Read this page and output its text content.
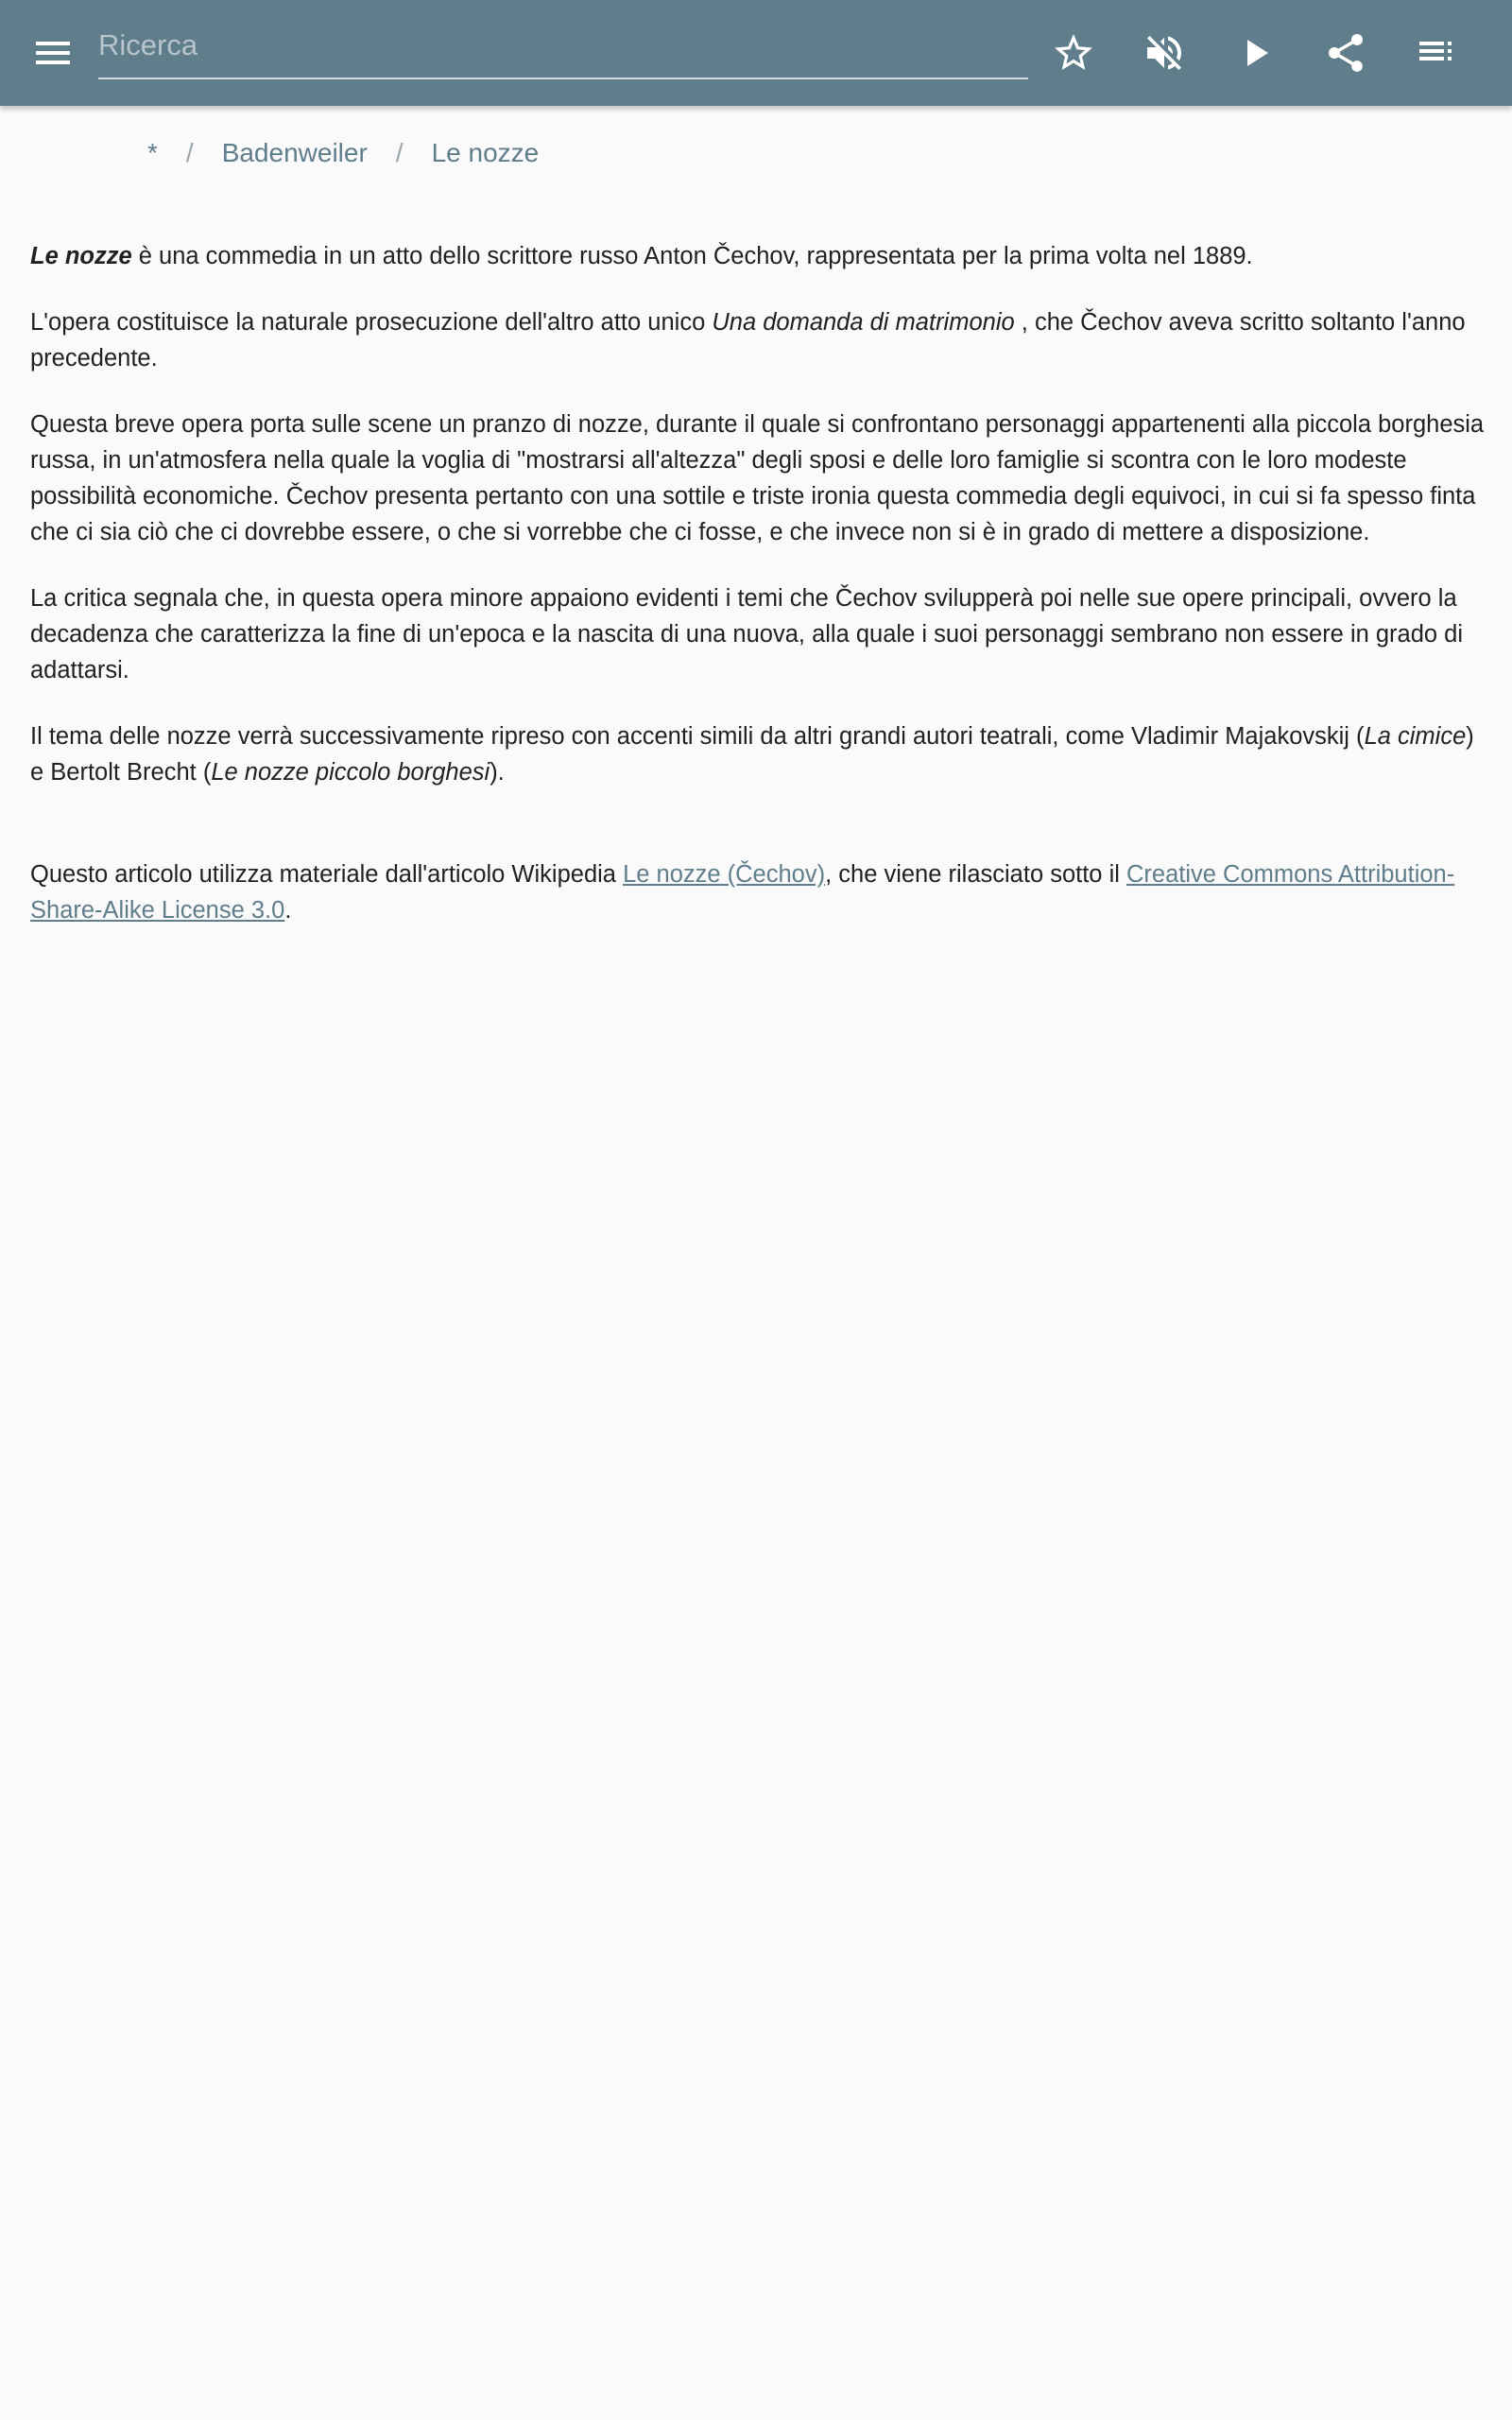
Ricerca
* / Badenweiler / Le nozze

Le nozze è una commedia in un atto dello scrittore russo Anton Čechov, rappresentata per la prima volta nel 1889.

L'opera costituisce la naturale prosecuzione dell'altro atto unico Una domanda di matrimonio , che Čechov aveva scritto soltanto l'anno precedente.

Questa breve opera porta sulle scene un pranzo di nozze, durante il quale si confrontano personaggi appartenenti alla piccola borghesia russa, in un'atmosfera nella quale la voglia di "mostrarsi all'altezza" degli sposi e delle loro famiglie si scontra con le loro modeste possibilità economiche. Čechov presenta pertanto con una sottile e triste ironia questa commedia degli equivoci, in cui si fa spesso finta che ci sia ciò che ci dovrebbe essere, o che si vorrebbe che ci fosse, e che invece non si è in grado di mettere a disposizione.

La critica segnala che, in questa opera minore appaiono evidenti i temi che Čechov svilupperà poi nelle sue opere principali, ovvero la decadenza che caratterizza la fine di un'epoca e la nascita di una nuova, alla quale i suoi personaggi sembrano non essere in grado di adattarsi.

Il tema delle nozze verrà successivamente ripreso con accenti simili da altri grandi autori teatrali, come Vladimir Majakovskij (La cimice) e Bertolt Brecht (Le nozze piccolo borghesi).

Questo articolo utilizza materiale dall'articolo Wikipedia Le nozze (Čechov), che viene rilasciato sotto il Creative Commons Attribution-Share-Alike License 3.0.
